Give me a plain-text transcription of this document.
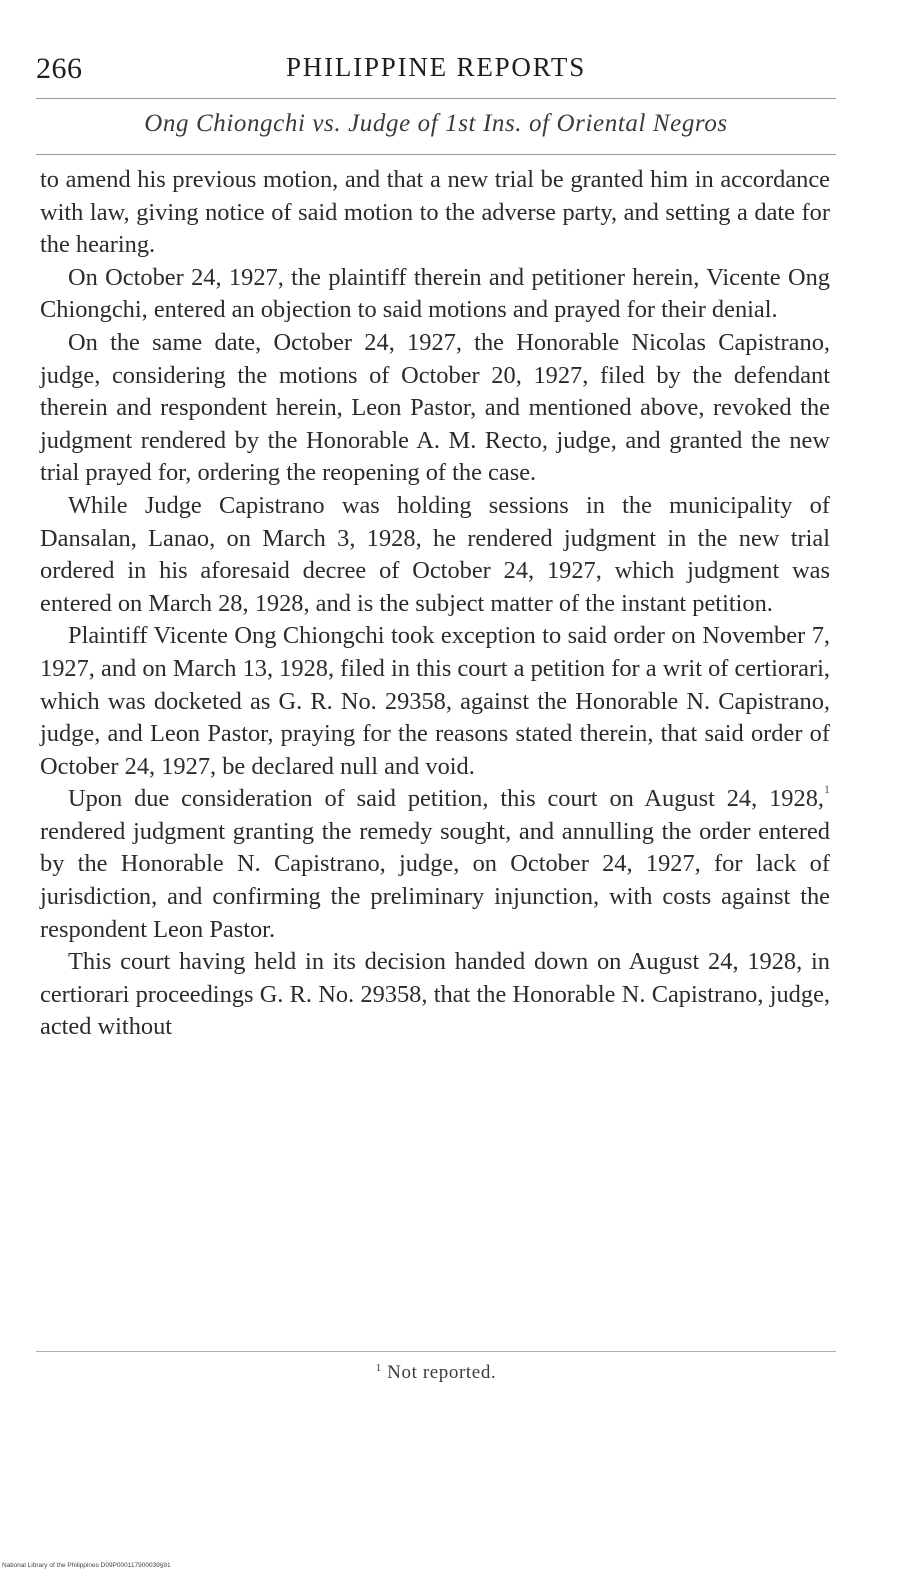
266	PHILIPPINE REPORTS
Ong Chiongchi vs. Judge of 1st Ins. of Oriental Negros

to amend his previous motion, and that a new trial be granted him in accordance with law, giving notice of said motion to the adverse party, and setting a date for the hearing.

On October 24, 1927, the plaintiff therein and petitioner herein, Vicente Ong Chiongchi, entered an objection to said motions and prayed for their denial.

On the same date, October 24, 1927, the Honorable Nicolas Capistrano, judge, considering the motions of October 20, 1927, filed by the defendant therein and respondent herein, Leon Pastor, and mentioned above, revoked the judgment rendered by the Honorable A. M. Recto, judge, and granted the new trial prayed for, ordering the reopening of the case.

While Judge Capistrano was holding sessions in the municipality of Dansalan, Lanao, on March 3, 1928, he rendered judgment in the new trial ordered in his aforesaid decree of October 24, 1927, which judgment was entered on March 28, 1928, and is the subject matter of the instant petition.

Plaintiff Vicente Ong Chiongchi took exception to said order on November 7, 1927, and on March 13, 1928, filed in this court a petition for a writ of certiorari, which was docketed as G. R. No. 29358, against the Honorable N. Capistrano, judge, and Leon Pastor, praying for the reasons stated therein, that said order of October 24, 1927, be declared null and void.

Upon due consideration of said petition, this court on August 24, 1928,$^1$ rendered judgment granting the remedy sought, and annulling the order entered by the Honorable N. Capistrano, judge, on October 24, 1927, for lack of jurisdiction, and confirming the preliminary injunction, with costs against the respondent Leon Pastor.

This court having held in its decision handed down on August 24, 1928, in certiorari proceedings G. R. No. 29358, that the Honorable N. Capistrano, judge, acted without

$^1$ Not reported.
National Library of the Philippines D09P000117900039§91
